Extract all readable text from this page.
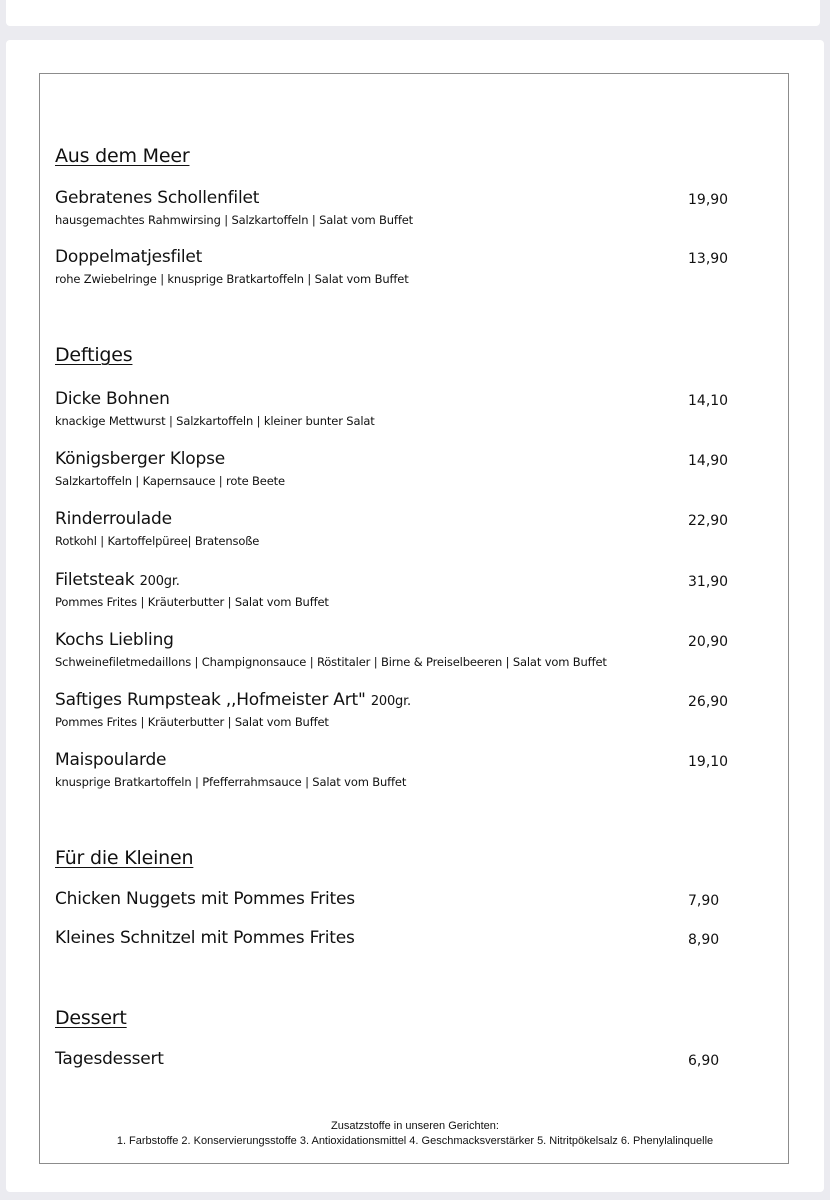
Aus dem Meer
Gebratenes Schollenfilet
hausgemachtes Rahmwirsing | Salzkartoffeln | Salat vom Buffet
19,90
Doppelmatjesfilet
rohe Zwiebelringe | knusprige Bratkartoffeln | Salat vom Buffet
13,90
Deftiges
Dicke Bohnen
knackige Mettwurst | Salzkartoffeln | kleiner bunter Salat
14,10
Königsberger Klopse
Salzkartoffeln | Kapernsauce | rote Beete
14,90
Rinderroulade
Rotkohl | Kartoffelpüree| Bratensoße
22,90
Filetsteak 200gr.
Pommes Frites | Kräuterbutter | Salat vom Buffet
31,90
Kochs Liebling
Schweinefiletmedaillons | Champignonsauce | Röstitaler | Birne & Preiselbeeren | Salat vom Buffet
20,90
Saftiges Rumpsteak ,,Hofmeister Art" 200gr.
Pommes Frites | Kräuterbutter | Salat vom Buffet
26,90
Maispoularde
knusprige Bratkartoffeln | Pfefferrahmsauce | Salat vom Buffet
19,10
Für die Kleinen
Chicken Nuggets mit Pommes Frites	7,90
Kleines Schnitzel mit Pommes Frites	8,90
Dessert
Tagesdessert	6,90
Zusatzstoffe in unseren Gerichten:
1. Farbstoffe 2. Konservierungsstoffe 3. Antioxidationsmittel 4. Geschmacksverstärker 5. Nitritpökelsalz 6. Phenylalinquelle
